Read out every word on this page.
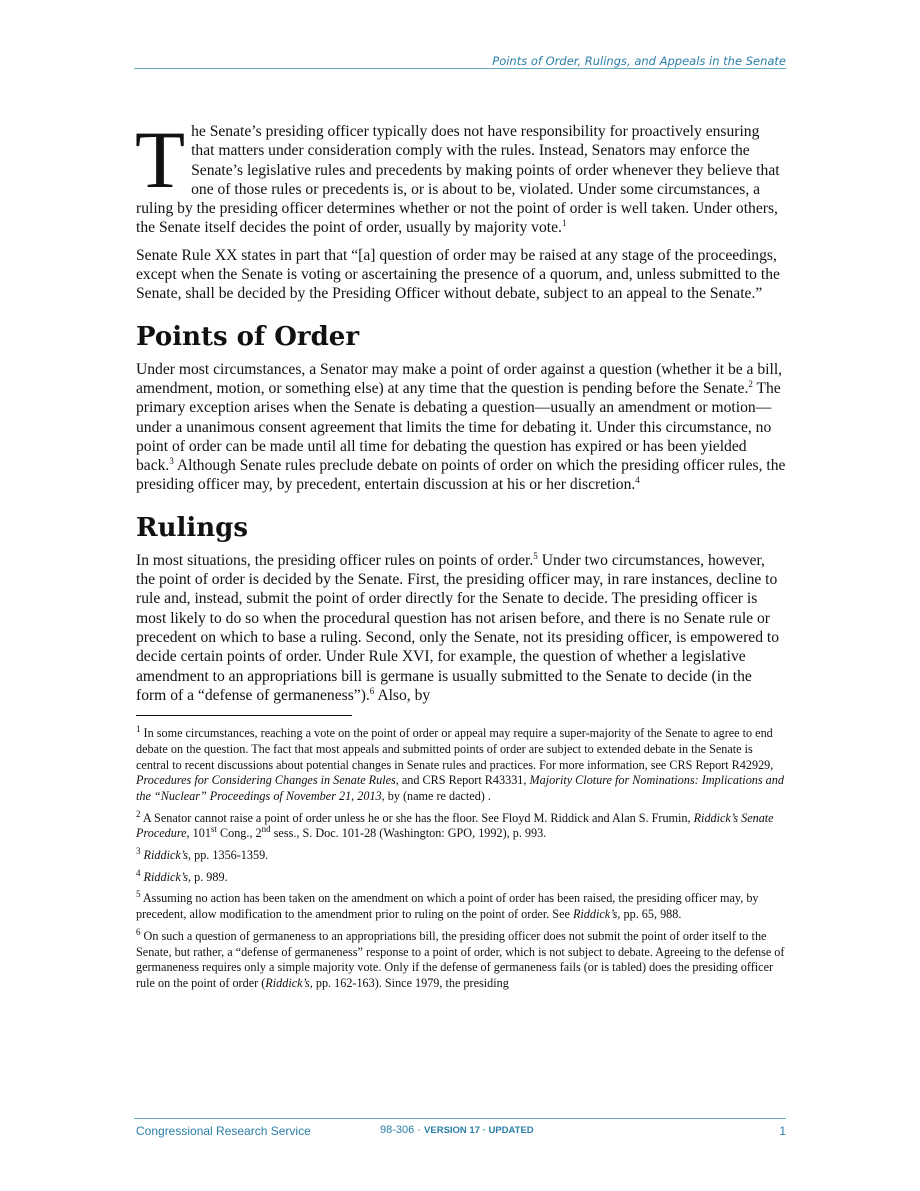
Points of Order, Rulings, and Appeals in the Senate

The Senate’s presiding officer typically does not have responsibility for proactively ensuring that matters under consideration comply with the rules. Instead, Senators may enforce the Senate’s legislative rules and precedents by making points of order whenever they believe that one of those rules or precedents is, or is about to be, violated. Under some circumstances, a ruling by the presiding officer determines whether or not the point of order is well taken. Under others, the Senate itself decides the point of order, usually by majority vote.$^1$

Senate Rule XX states in part that “[a] question of order may be raised at any stage of the proceedings, except when the Senate is voting or ascertaining the presence of a quorum, and, unless submitted to the Senate, shall be decided by the Presiding Officer without debate, subject to an appeal to the Senate.”

Points of Order

Under most circumstances, a Senator may make a point of order against a question (whether it be a bill, amendment, motion, or something else) at any time that the question is pending before the Senate.$^2$ The primary exception arises when the Senate is debating a question—usually an amendment or motion—under a unanimous consent agreement that limits the time for debating it. Under this circumstance, no point of order can be made until all time for debating the question has expired or has been yielded back.$^3$ Although Senate rules preclude debate on points of order on which the presiding officer rules, the presiding officer may, by precedent, entertain discussion at his or her discretion.$^4$

Rulings

In most situations, the presiding officer rules on points of order.$^5$ Under two circumstances, however, the point of order is decided by the Senate. First, the presiding officer may, in rare instances, decline to rule and, instead, submit the point of order directly for the Senate to decide. The presiding officer is most likely to do so when the procedural question has not arisen before, and there is no Senate rule or precedent on which to base a ruling. Second, only the Senate, not its presiding officer, is empowered to decide certain points of order. Under Rule XVI, for example, the question of whether a legislative amendment to an appropriations bill is germane is usually submitted to the Senate to decide (in the form of a “defense of germaneness”).$^6$ Also, by

$^1$ In some circumstances, reaching a vote on the point of order or appeal may require a super-majority of the Senate to agree to end debate on the question. The fact that most appeals and submitted points of order are subject to extended debate in the Senate is central to recent discussions about potential changes in Senate rules and practices. For more information, see CRS Report R42929, Procedures for Considering Changes in Senate Rules, and CRS Report R43331, Majority Cloture for Nominations: Implications and the “Nuclear” Proceedings of November 21, 2013, by (name re dacted) .

$^2$ A Senator cannot raise a point of order unless he or she has the floor. See Floyd M. Riddick and Alan S. Frumin, Riddick’s Senate Procedure, 101st Cong., 2nd sess., S. Doc. 101-28 (Washington: GPO, 1992), p. 993.

$^3$ Riddick’s, pp. 1356-1359.

$^4$ Riddick’s, p. 989.

$^5$ Assuming no action has been taken on the amendment on which a point of order has been raised, the presiding officer may, by precedent, allow modification to the amendment prior to ruling on the point of order. See Riddick’s, pp. 65, 988.

$^6$ On such a question of germaneness to an appropriations bill, the presiding officer does not submit the point of order itself to the Senate, but rather, a “defense of germaneness” response to a point of order, which is not subject to debate. Agreeing to the defense of germaneness requires only a simple majority vote. Only if the defense of germaneness fails (or is tabled) does the presiding officer rule on the point of order (Riddick’s, pp. 162-163). Since 1979, the presiding

Congressional Research Service	98-306 · VERSION 17 · UPDATED	1
